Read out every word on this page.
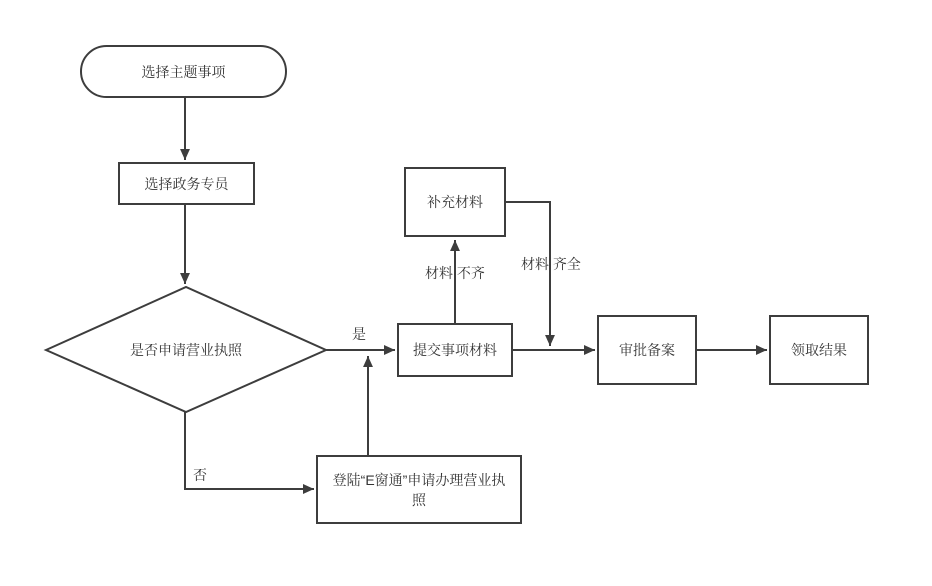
选择主题事项
选择政务专员
是否申请营业执照	提交事项材料
补充材料
审批备案	领取结果
登陆“E窗通”申请办理营业执照
是
否
材料 不齐
材料 齐全
